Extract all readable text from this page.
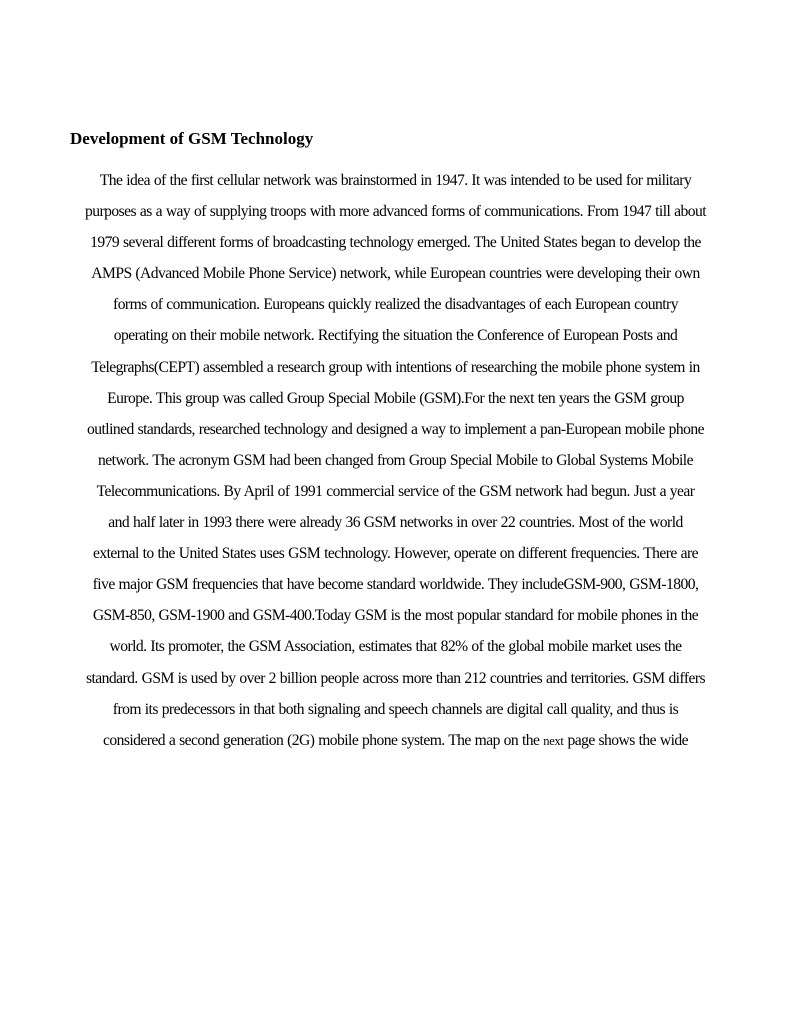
Development of GSM Technology
The idea of the first cellular network was brainstormed in 1947. It was intended to be used for military
purposes as a way of supplying troops with more advanced forms of communications. From 1947 till about
1979 several different forms of broadcasting technology emerged. The United States began to develop the
AMPS (Advanced Mobile Phone Service) network, while European countries were developing their own
forms of communication. Europeans quickly realized the disadvantages of each European country
operating on their mobile network. Rectifying the situation the Conference of European Posts and
Telegraphs(CEPT) assembled a research group with intentions of researching the mobile phone system in
Europe. This group was called Group Special Mobile (GSM).For the next ten years the GSM group
outlined standards, researched technology and designed a way to implement a pan-European mobile phone
network. The acronym GSM had been changed from Group Special Mobile to Global Systems Mobile
Telecommunications. By April of 1991 commercial service of the GSM network had begun. Just a year
and half later in 1993 there were already 36 GSM networks in over 22 countries. Most of the world
external to the United States uses GSM technology. However, operate on different frequencies. There are
five major GSM frequencies that have become standard worldwide. They includeGSM-900, GSM-1800,
GSM-850, GSM-1900 and GSM-400.Today GSM is the most popular standard for mobile phones in the
world. Its promoter, the GSM Association, estimates that 82% of the global mobile market uses the
standard. GSM is used by over 2 billion people across more than 212 countries and territories. GSM differs
from its predecessors in that both signaling and speech channels are digital call quality, and thus is
considered a second generation (2G) mobile phone system. The map on the next page shows the wide
